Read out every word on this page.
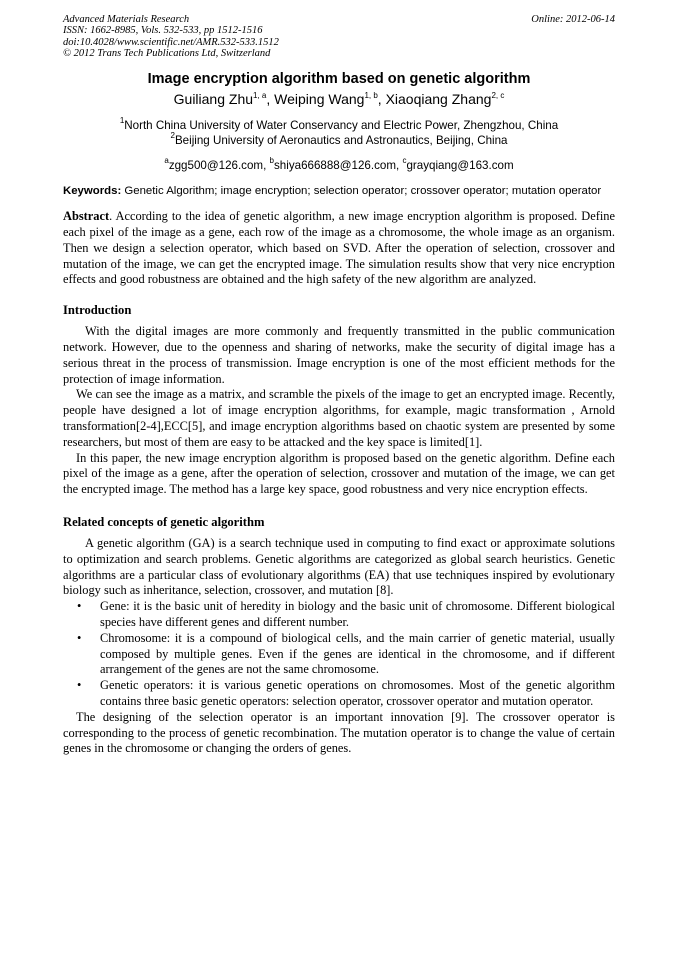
Advanced Materials Research	Online: 2012-06-14
ISSN: 1662-8985, Vols. 532-533, pp 1512-1516
doi:10.4028/www.scientific.net/AMR.532-533.1512
© 2012 Trans Tech Publications Ltd, Switzerland
Image encryption algorithm based on genetic algorithm
Guiliang Zhu$^{1, a}$, Weiping Wang$^{1, b}$, Xiaoqiang Zhang$^{2, c}$
$^1$North China University of Water Conservancy and Electric Power, Zhengzhou, China
$^2$Beijing University of Aeronautics and Astronautics, Beijing, China
$^a$zgg500@126.com, $^b$shiya666888@126.com, $^c$grayqiang@163.com
Keywords: Genetic Algorithm; image encryption; selection operator; crossover operator; mutation operator
Abstract. According to the idea of genetic algorithm, a new image encryption algorithm is proposed. Define each pixel of the image as a gene, each row of the image as a chromosome, the whole image as an organism. Then we design a selection operator, which based on SVD. After the operation of selection, crossover and mutation of the image, we can get the encrypted image. The simulation results show that very nice encryption effects and good robustness are obtained and the high safety of the new algorithm are analyzed.
Introduction

With the digital images are more commonly and frequently transmitted in the public communication network. However, due to the openness and sharing of networks, make the security of digital image has a serious threat in the process of transmission. Image encryption is one of the most efficient methods for the protection of image information.

We can see the image as a matrix, and scramble the pixels of the image to get an encrypted image. Recently, people have designed a lot of image encryption algorithms, for example, magic transformation , Arnold transformation[2-4],ECC[5], and image encryption algorithms based on chaotic system are presented by some researchers, but most of them are easy to be attacked and the key space is limited[1].

In this paper, the new image encryption algorithm is proposed based on the genetic algorithm. Define each pixel of the image as a gene, after the operation of selection, crossover and mutation of the image, we can get the encrypted image. The method has a large key space, good robustness and very nice encryption effects.

Related concepts of genetic algorithm

A genetic algorithm (GA) is a search technique used in computing to find exact or approximate solutions to optimization and search problems. Genetic algorithms are categorized as global search heuristics. Genetic algorithms are a particular class of evolutionary algorithms (EA) that use techniques inspired by evolutionary biology such as inheritance, selection, crossover, and mutation [8].

• Gene: it is the basic unit of heredity in biology and the basic unit of chromosome. Different biological species have different genes and different number.
• Chromosome: it is a compound of biological cells, and the main carrier of genetic material, usually composed by multiple genes. Even if the genes are identical in the chromosome, and if different arrangement of the genes are not the same chromosome.
• Genetic operators: it is various genetic operations on chromosomes. Most of the genetic algorithm contains three basic genetic operators: selection operator, crossover operator and mutation operator.

The designing of the selection operator is an important innovation [9]. The crossover operator is corresponding to the process of genetic recombination. The mutation operator is to change the value of certain genes in the chromosome or changing the orders of genes.
